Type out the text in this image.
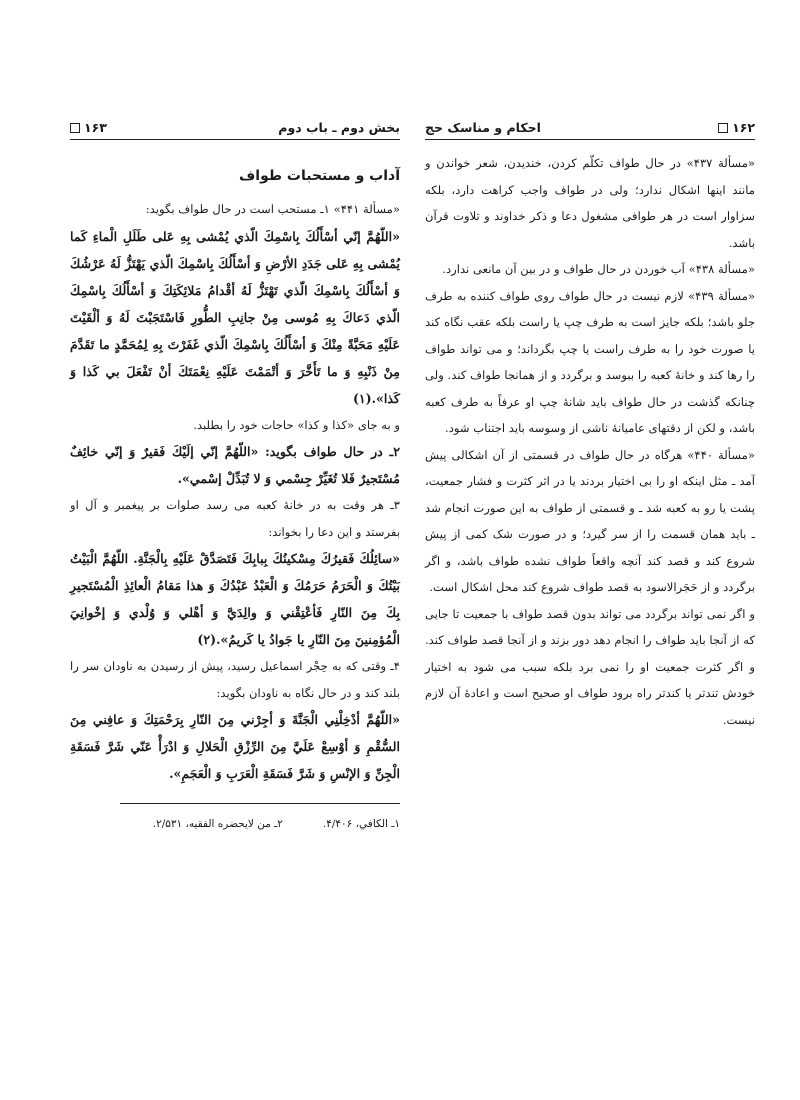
بخش دوم ـ باب دوم
۱۶۳
آداب و مستحبات طواف

«مسألة ۴۴۱» ۱ـ مستحب است در حال طواف بگوید:

«اللّهُمَّ إنّي أسْأَلُكَ بِاسْمِكَ الّذي يُمْشى بِهِ عَلى طَلَلِ الْماءِ كَما يُمْشى بِهِ عَلى جَدَدِ الأرْضِ وَ أسْأَلُكَ بِاسْمِكَ الّذي يَهْتَزُّ لَهُ عَرْشُكَ وَ أسْأَلُكَ بِاسْمِكَ الّذي تَهْتَزُّ لَهُ أقْدامُ مَلائِكَتِكَ وَ أسْأَلُكَ بِاسْمِكَ الّذي دَعاكَ بِهِ مُوسى مِنْ جانِبِ الطُّورِ فَاسْتَجَبْتَ لَهُ وَ ألْقَيْتَ عَلَيْهِ مَحَبَّةً مِنْكَ وَ أسْأَلُكَ بِاسْمِكَ الّذي غَفَرْتَ بِهِ لِمُحَمَّدٍ ما تَقَدَّمَ مِنْ ذَنْبِهِ وَ ما تَأَخَّرَ وَ أتْمَمْتَ عَلَيْهِ نِعْمَتَكَ أنْ تَفْعَلَ بي كَذا وَ كَذا».(۱)

و به جای «كذا و كذا» حاجات خود را بطلبد.

۲ـ در حال طواف بگوید: «اللّهُمَّ إنّي إلَيْكَ فَقيرٌ وَ إنّي خائِفٌ مُسْتَجيرٌ فَلا تُغَيِّرْ جِسْمي وَ لا تُبَدِّلْ إسْمي».

۳ـ هر وقت به در خانهٔ کعبه می رسد صلوات بر پیغمبر و آل او بفرستد و این دعا را بخواند:

«سائِلُكَ فَقيرُكَ مِسْكينُكَ بِبابِكَ فَتَصَدَّقْ عَلَيْهِ بِالْجَنَّةِ. اللّهُمَّ الْبَيْتُ بَيْتُكَ وَ الْحَرَمُ حَرَمُكَ وَ الْعَبْدُ عَبْدُكَ وَ هذا مَقامُ الْعائِذِ الْمُسْتَجيرِ بِكَ مِنَ النّارِ فَأعْتِقْني وَ والِدَيَّ وَ أهْلي وَ وُلْدي وَ إخْوانِيَ الْمُؤمِنينَ مِنَ النّارِ يا جَوادُ يا كَريمُ».(۲)

۴ـ وقتی که به حِجْر اسماعیل رسید، پیش از رسیدن به ناودان سر را بلند کند و در حال نگاه به ناودان بگوید:

«اللّهُمَّ أدْخِلْنِي الْجَنَّةَ وَ أجِرْني مِنَ النّارِ بِرَحْمَتِكَ وَ عافِني مِنَ السُّقْمِ وَ أوْسِعْ عَلَيَّ مِنَ الرِّزْقِ الْحَلالِ وَ ادْرَأْ عَنّي شَرَّ فَسَقَةِ الْجِنِّ وَ الإنْسِ وَ شَرَّ فَسَقَةِ الْعَرَبِ وَ الْعَجَمِ».

۱ـ الكافي، ۴/۴۰۶.
۲ـ من لايحضره الفقيه، ۲/۵۳۱.
۱۶۲
احکام و مناسک حج

«مسألة ۴۳۷» در حال طواف تکلّم کردن، خندیدن، شعر خواندن و مانند اینها اشکال ندارد؛ ولی در طواف واجب کراهت دارد، بلکه سزاوار است در هر طوافی مشغول دعا و ذکر خداوند و تلاوت قرآن باشد.

«مسألة ۴۳۸» آب خوردن در حال طواف و در بین آن مانعی ندارد.

«مسألة ۴۳۹» لازم نیست در حال طواف روی طواف کننده به طرف جلو باشد؛ بلکه جایز است به طرف چپ یا راست بلکه عقب نگاه کند یا صورت خود را به طرف راست یا چپ بگرداند؛ و می تواند طواف را رها کند و خانهٔ کعبه را ببوسد و برگردد و از همانجا طواف کند. ولی چنانکه گذشت در حال طواف باید شانهٔ چپ او عرفاً به طرف کعبه باشد، و لکن از دقتهای عامیانهٔ ناشی از وسوسه باید اجتناب شود.

«مسألة ۴۴۰» هرگاه در حال طواف در قسمتی از آن اشکالی پیش آمد ـ مثل اینکه او را بی اختیار بردند یا در اثر کثرت و فشار جمعیت، پشت یا رو به کعبه شد ـ و قسمتی از طواف به این صورت انجام شد ـ باید همان قسمت را از سر گیرد؛ و در صورت شک کمی از پیش شروع کند و قصد کند آنچه واقعاً طواف نشده طواف باشد، و اگر برگردد و از حَجَرالاسود به قصد طواف شروع کند محل اشکال است.

و اگر نمی تواند برگردد می تواند بدون قصد طواف با جمعیت تا جایی که از آنجا باید طواف را انجام دهد دور بزند و از آنجا قصد طواف کند. و اگر کثرت جمعیت او را نمی برد بلکه سبب می شود به اختیار خودش تندتر یا کندتر راه برود طواف او صحیح است و اعادهٔ آن لازم نیست.
